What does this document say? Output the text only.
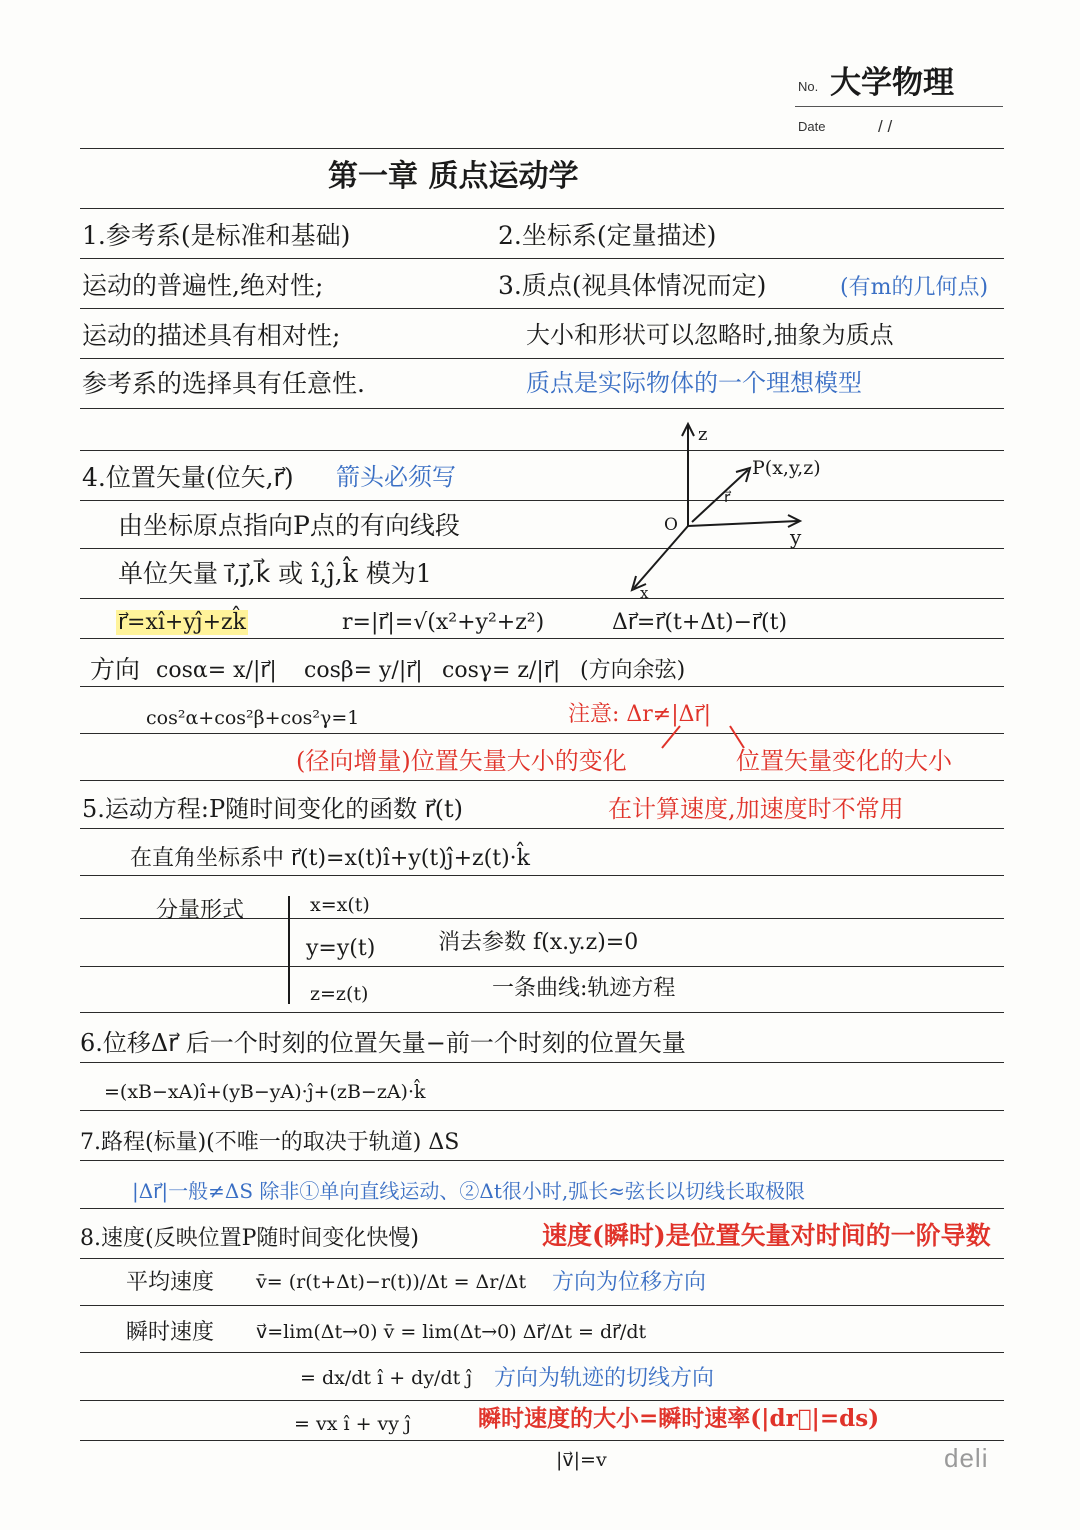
No. 大学物理
Date	/ /
第一章 质点运动学
1.参考系(是标准和基础)
运动的普遍性,绝对性;
运动的描述具有相对性;
参考系的选择具有任意性.
2.坐标系(定量描述)
3.质点(视具体情况而定)	(有m的几何点)
大小和形状可以忽略时,抽象为质点
质点是实际物体的一个理想模型
z
y
x
O
P(x,y,z)
r⃗
4.位置矢量(位矢,r⃗) 箭头必须写
由坐标原点指向P点的有向线段
单位矢量 i⃗,j⃗,k⃗ 或 î,ĵ,k̂ 模为1
r⃗=xî+yĵ+zk̂	r=|r⃗|=√(x²+y²+z²)	Δr⃗=r⃗(t+Δt)−r⃗(t)
方向 cosα= x/|r⃗| cosβ= y/|r⃗| cosγ= z/|r⃗| (方向余弦)
cos²α+cos²β+cos²γ=1	注意: Δr≠|Δr⃗|
(径向增量)位置矢量大小的变化	位置矢量变化的大小
5.运动方程:P随时间变化的函数 r⃗(t)	在计算速度,加速度时不常用
在直角坐标系中 r⃗(t)=x(t)î+y(t)ĵ+z(t)·k̂
分量形式	x=x(t)
y=y(t)
z=z(t)
消去参数 f(x.y.z)=0
一条曲线:轨迹方程
6.位移Δr⃗ 后一个时刻的位置矢量−前一个时刻的位置矢量
=(xB−xA)î+(yB−yA)·ĵ+(zB−zA)·k̂
7.路程(标量)(不唯一的取决于轨道) ΔS
|Δr⃗|一般≠ΔS 除非①单向直线运动、②Δt很小时,弧长≈弦长以切线长取极限
8.速度(反映位置P随时间变化快慢)	速度(瞬时)是位置矢量对时间的一阶导数
平均速度 v̄= (r(t+Δt)−r(t))/Δt = Δr/Δt 方向为位移方向
瞬时速度 v⃗=lim(Δt→0) v̄ = lim(Δt→0) Δr⃗/Δt = dr⃗/dt
= dx/dt î + dy/dt ĵ 方向为轨迹的切线方向
= vx î + vy ĵ	瞬时速度的大小=瞬时速率(|dr⃗|=ds)
|v⃗|=v	deli
